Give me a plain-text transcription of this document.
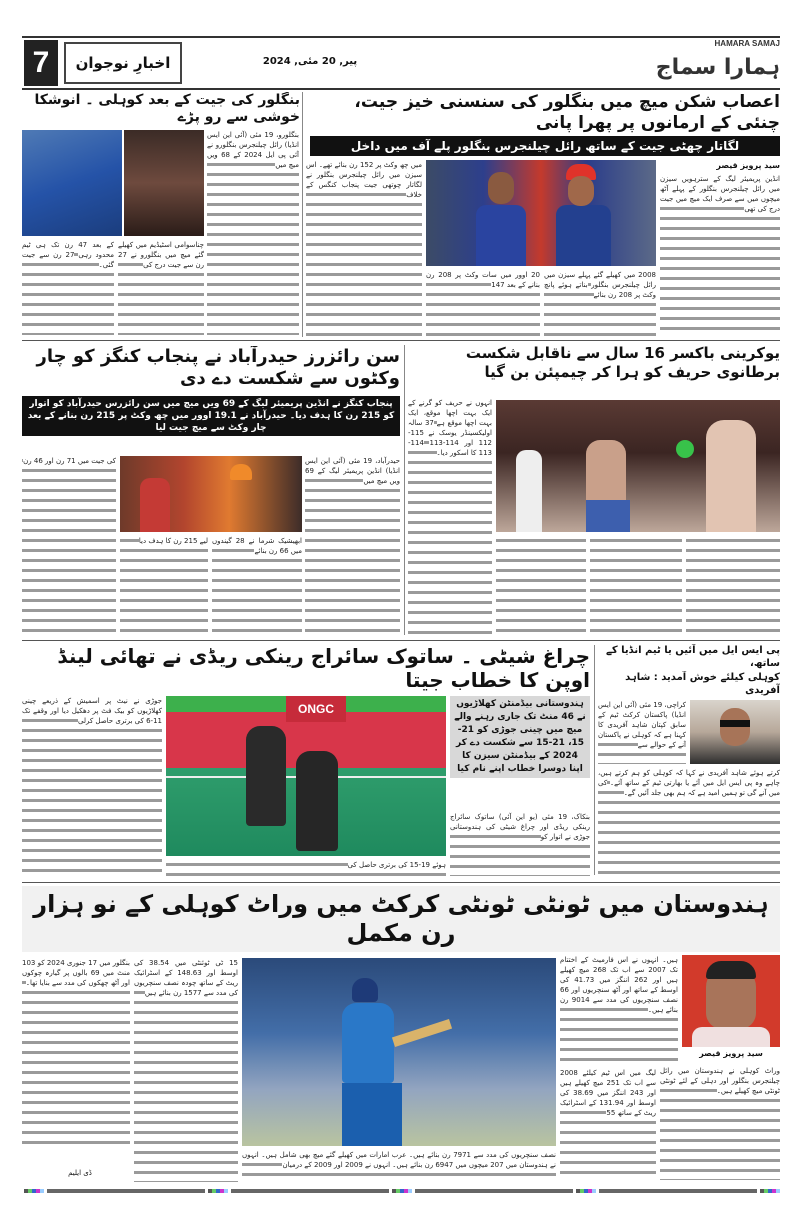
7	اخبارِ نوجوان	پیر, 20 مئی, 2024
HAMARA SAMAJ
ہمارا سماج
اعصاب شکن میچ میں بنگلور کی سنسنی خیز جیت، چنئی کے ارمانوں پر پھرا پانی
لگاتار چھٹی جیت کے ساتھ رائل چیلنجرس بنگلور پلے آف میں داخل
سید پرویز قیصر
انڈین پریمیئر لیگ کے سترہویں سیزن میں رائل چیلنجرس بنگلور کے پہلے آٹھ میچوں میں سے صرف ایک میچ میں جیت درج کی تھی
میں چھ وکٹ پر 152 رن بنائے تھے۔ اس سیزن میں رائل چیلنجرس بنگلور نے لگاتار چوتھی جیت پنجاب کنگس کے خلاف
2008 میں کھیلے گئے پہلے سیزن میں رائل چیلنجرس بنگلور بناتے ہوئے پانچ وکٹ پر 208 رن بنائے
20 اوور میں سات وکٹ پر 208 رن بنانے کے بعد 147
بنگلور کی جیت کے بعد کوہلی ۔ انوشکا خوشی سے رو پڑے
بنگلورو، 19 مئی (آئی این ایس انڈیا) رائل چیلنجرس بنگلورو نے آئی پی ایل 2024 کے 68 ویں میچ میں
چناسوامی اسٹیڈیم میں کھیلے گئے میچ میں بنگلورو نے 27 رن سے جیت درج کی
کے بعد 47 رن تک ہی ٹیم محدود رہی 27 رن سے جیت گئی۔
یوکرینی باکسر 16 سال سے ناقابل شکست برطانوی حریف کو ہرا کر چیمپئن بن گیا
انہوں نے حریف کو گرنے کے ایک بہت اچھا موقع، ایک بہت اچھا موقع ہے 37 سالہ اولیکسینڈر یوسک نے 115-112 اور 114-113 114-113 کا اسکور دیا۔
سن رائزرز حیدرآباد نے پنجاب کنگز کو چار وکٹوں سے شکست دے دی
پنجاب کنگز نے انڈین پریمیئر لیگ کے 69 ویں میچ میں سن رائزرس حیدرآباد کو اتوار کو 215 رن کا ہدف دیا۔ حیدرآباد نے 19.1 اوور میں چھ وکٹ پر 215 رن بنانے کے بعد چار وکٹ سے میچ جیت لیا
حیدرآباد، 19 مئی (آئی این ایس انڈیا) انڈین پریمیئر لیگ کے 69 ویں میچ میں
ابھیشیک شرما نے 28 گیندوں میں 66 رن بنائے
لیے 215 رن کا ہدف دیا
کی جیت میں 71 رن اور 46 رن
چراغ شیٹی ۔ ساتوک سائراج رینکی ریڈی نے تھائی لینڈ اوپن کا خطاب جیتا
جوڑی نے نیٹ پر اسمیش کے ذریعے چینی کھلاڑیوں کو بیک فٹ پر دھکیل دیا اور وقفے تک 11-6 کی برتری حاصل کرلی
ONGC
ہوئے 19-15 کی برتری حاصل کی
ہندوستانی بیڈمنٹن کھلاڑیوں نے 46 منٹ تک جاری رہنے والے میچ میں چینی جوڑی کو 21-15، 21-15 سے شکست دے کر 2024 کے بیڈمنٹن سیزن کا اپنا دوسرا خطاب اپنے نام کیا
بنکاک، 19 مئی (یو این آئی) ساتوک سائراج رینکی ریڈی اور چراغ شیٹی کی ہندوستانی جوڑی نے اتوار کو
پی ایس ایل میں آئیں یا ٹیم انڈیا کے ساتھ،
کوہلی کیلئے خوش آمدید : شاہد آفریدی
کراچی، 19 مئی (آئی این ایس انڈیا) پاکستان کرکٹ ٹیم کے سابق کپتان شاہد آفریدی کا کہنا ہے کہ کوہلی نے پاکستان آنے کے حوالے سے
کرتے ہوئے شاہد آفریدی نے کہا کہ کوہلی کو ہم کرتے ہیں، چاہے وہ پی ایس ایل میں آئے یا بھارتی ٹیم کے ساتھ آئے۔ کی میں آنے گی تو ہمیں امید ہے کہ ہم بھی جلد آئیں گے۔
ہندوستان میں ٹونٹی ٹونٹی کرکٹ میں وراٹ کوہلی کے نو ہزار رن مکمل
سید پرویز قیصر
ہیں۔ انہوں نے اس فارمیٹ کے اختتام تک 2007 سے اب تک 268 میچ کھیلے ہیں اور 262 اننگز میں 41.73 کی اوسط کے ساتھ اور آٹھ سنچریوں اور 66 نصف سنچریوں کی مدد سے 9014 رن بنائے ہیں۔
وراٹ کوہلی نے ہندوستان میں رائل چیلنجرس بنگلور اور دہلی کے لئے ٹونٹی ٹونٹی میچ کھیلے ہیں۔
لیگ میں اس ٹیم کیلئے 2008 سے اب تک 251 میچ کھیلے ہیں اور 243 اننگز میں 38.69 کی اوسط اور 131.94 کے اسٹرائیک ریٹ کے ساتھ 55
نصف سنچریوں کی مدد سے 7971 رن بنائے ہیں۔ عرب امارات میں کھیلے گئے میچ بھی شامل ہیں۔ انہوں نے ہندوستان میں 207 میچوں میں 6947 رن بنائے ہیں۔ انہوں نے 2009 اور 2009 کے درمیان
15 ٹی ٹوئنٹی میں 38.54 کی اوسط اور 148.63 کے اسٹرائیک ریٹ کے ساتھ چودہ نصف سنچریوں کی مدد سے 1577 رن بنائے ہیں
بنگلور میں 17 جنوری 2024 کو 103 منٹ میں 69 بالوں پر گیارہ چوکوں اور آٹھ چھکوں کی مدد سے بنایا تھا۔
ڈی ایلیم
